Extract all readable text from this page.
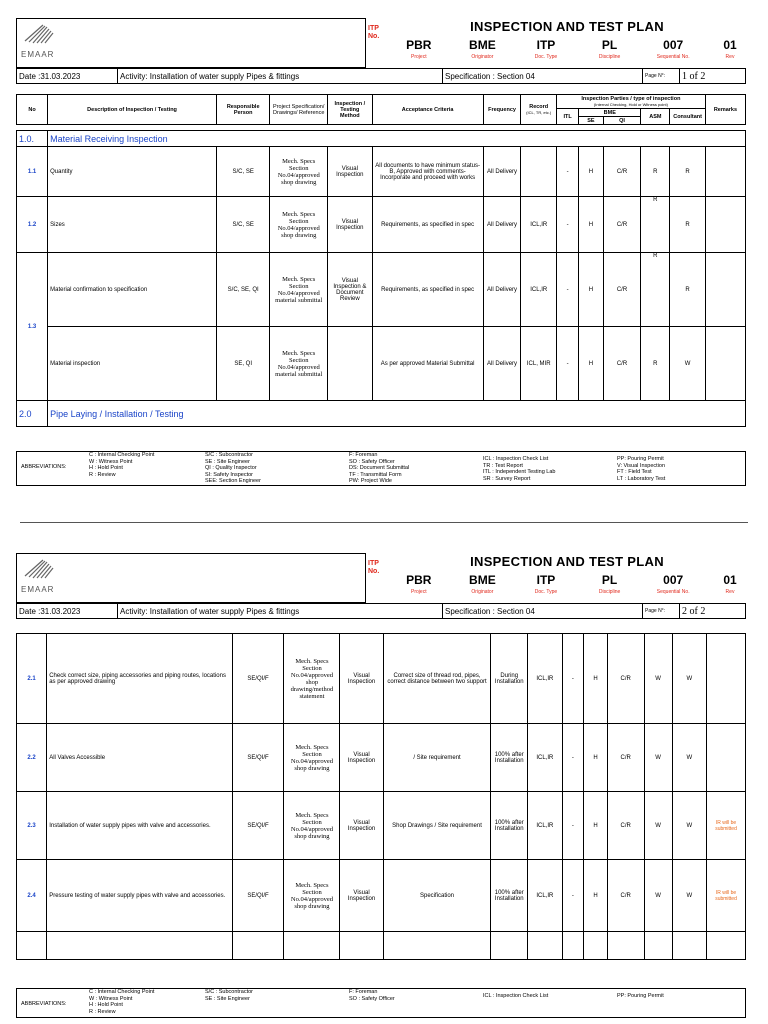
EMAAR
	ITP No.	
INSPECTION AND TEST PLAN
	PBR		BME		ITP		PL		007		01
	Project		Originator		Doc. Type		Discipline		Sequential No.		Rev
Date :31.03.2023	Activity: Installation of water supply Pipes & fittings	Specification : Section 04	Page N°:	1 of 2
No	Description of Inspection / Testing	Responsible Person	Project Specification/ Drawings/ Reference	Inspection / Testing Method	Acceptance Criteria	Frequency	Record
(ICL, TR, etc.)	Inspection Parties / type of inspection
(Internal Checking, Hold or Witness point)					Remarks
								ITL	BME		ASM	Consultant	
									SE	QI			

1.0.	Material Receiving Inspection												
1.1	Quantity	S/C, SE	Mech. Specs Section No.04/approved shop drawing	Visual Inspection	All documents to have minimum status-B, Approved with comments-Incorporate and proceed with works	All Delivery		-	H	C/R	R	R	
1.2	Sizes	S/C, SE	Mech. Specs Section No.04/approved shop drawing	Visual Inspection	Requirements, as specified in spec	All Delivery	ICL,IR	-	H	C/R	R	R	
1.3	Material confirmation to specification	S/C, SE, QI	Mech. Specs Section No.04/approved material submittal	Visual Inspection & Document Review	Requirements, as specified in spec	All Delivery	ICL,IR	-	H	C/R	R	R	
	Material inspection	SE, QI	Mech. Specs Section No.04/approved material submittal		As per approved Material Submittal	All Delivery	ICL, MIR	-	H	C/R	R	W	
2.0	Pipe Laying / Installation / Testing												
ABBREVIATIONS:
C : Internal Checking Point
W : Witness Point
H : Hold Point
R : Review

S/C : Subcontractor
SE : Site Engineer
QI : Quality Inspector
SI: Safety Inspector
SEE: Section Engineer

F: Foreman
SO : Safety Officer
DS: Document Submittal
TF : Transmittal Form
PW: Project Wide

ICL : Inspection Check List
TR : Test Report
ITL : Independent Testing Lab
SR : Survey Report

PP: Pouring Permit
V: Visual Inspection
FT : Field Test
LT : Laboratory Test
EMAAR
	ITP No.	
INSPECTION AND TEST PLAN
	PBR		BME		ITP		PL		007		01
	Project		Originator		Doc. Type		Discipline		Sequential No.		Rev
Date :31.03.2023	Activity: Installation of water supply Pipes & fittings	Specification : Section 04	Page N°:	2 of 2
2.1	Check correct size, piping accessories and piping routes, locations as per approved drawing	SE/QI/F	Mech. Specs Section No.04/approved shop drawing/method statement	Visual Inspection	Correct size of thread rod, pipes, correct distance between two support	During Installation	ICL,IR	-	H	C/R	W	W	
2.2	All Valves Accessible	SE/QI/F	Mech. Specs Section No.04/approved shop drawing	Visual Inspection	/ Site requirement	100% after Installation	ICL,IR	-	H	C/R	W	W	
2.3	Installation of water supply pipes with valve and accessories.	SE/QI/F	Mech. Specs Section No.04/approved shop drawing	Visual Inspection	Shop Drawings / Site requirement	100% after Installation	ICL,IR	-	H	C/R	W	W	IR will be submitted
2.4	Pressure testing of water supply pipes with valve and accessories.	SE/QI/F	Mech. Specs Section No.04/approved shop drawing	Visual Inspection	Specification	100% after Installation	ICL,IR	-	H	C/R	W	W	IR will be submitted

ABBREVIATIONS:
C : Internal Checking Point
W : Witness Point
H : Hold Point
R : Review

S/C : Subcontractor
SE : Site Engineer

F: Foreman
SO : Safety Officer	ICL : Inspection Check List	PP: Pouring Permit
